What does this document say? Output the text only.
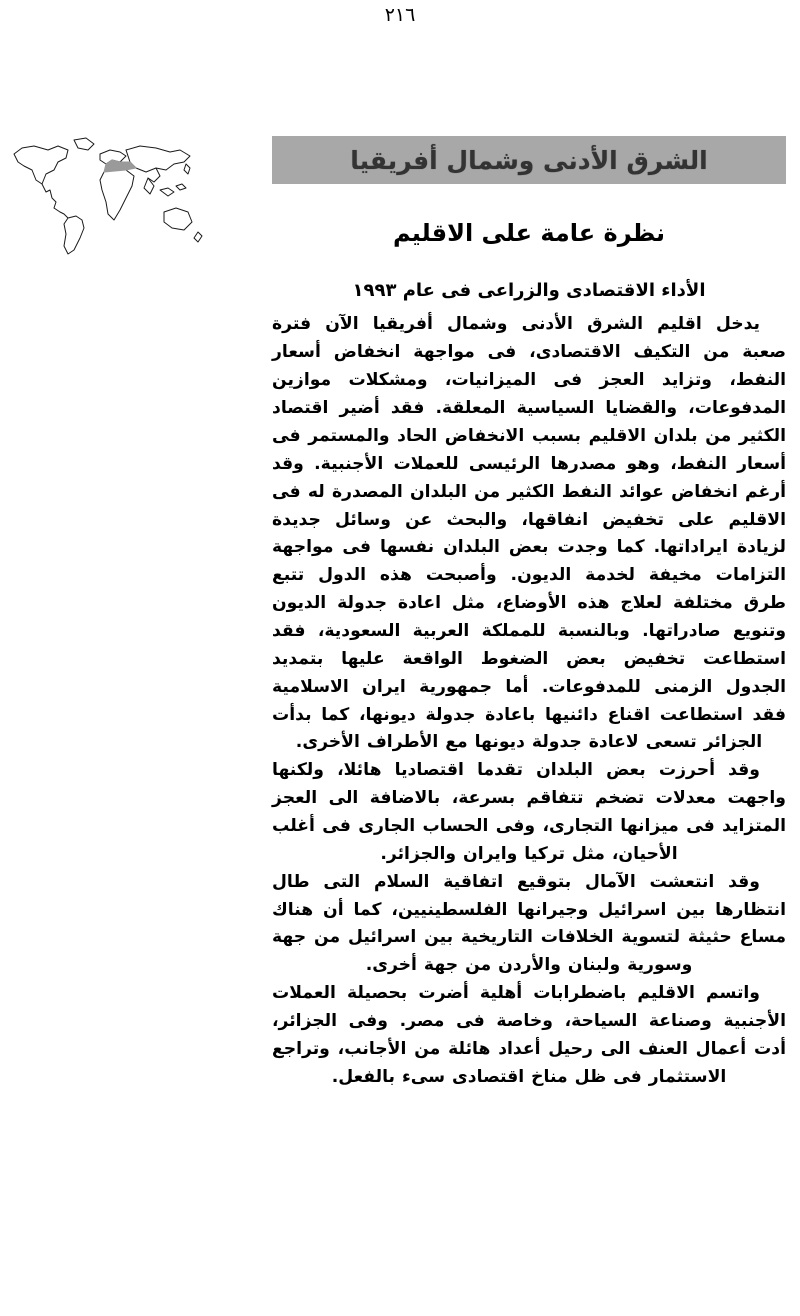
٢١٦
الشرق الأدنى وشمال أفريقيا
نظرة عامة على الاقليم
الأداء الاقتصادى والزراعى فى عام ١٩٩٣

يدخل اقليم الشرق الأدنى وشمال أفريقيا الآن فترة صعبة من التكيف الاقتصادى، فى مواجهة انخفاض أسعار النفط، وتزايد العجز فى الميزانيات، ومشكلات موازين المدفوعات، والقضايا السياسية المعلقة. فقد أضير اقتصاد الكثير من بلدان الاقليم بسبب الانخفاض الحاد والمستمر فى أسعار النفط، وهو مصدرها الرئيسى للعملات الأجنبية. وقد أرغم انخفاض عوائد النفط الكثير من البلدان المصدرة له فى الاقليم على تخفيض انفاقها، والبحث عن وسائل جديدة لزيادة ايراداتها. كما وجدت بعض البلدان نفسها فى مواجهة التزامات مخيفة لخدمة الديون. وأصبحت هذه الدول تتبع طرق مختلفة لعلاج هذه الأوضاع، مثل اعادة جدولة الديون وتنويع صادراتها. وبالنسبة للمملكة العربية السعودية، فقد استطاعت تخفيض بعض الضغوط الواقعة عليها بتمديد الجدول الزمنى للمدفوعات. أما جمهورية ايران الاسلامية فقد استطاعت اقناع دائنيها باعادة جدولة ديونها، كما بدأت الجزائر تسعى لاعادة جدولة ديونها مع الأطراف الأخرى.

وقد أحرزت بعض البلدان تقدما اقتصاديا هائلا، ولكنها واجهت معدلات تضخم تتفاقم بسرعة، بالاضافة الى العجز المتزايد فى ميزانها التجارى، وفى الحساب الجارى فى أغلب الأحيان، مثل تركيا وايران والجزائر.

وقد انتعشت الآمال بتوقيع اتفاقية السلام التى طال انتظارها بين اسرائيل وجيرانها الفلسطينيين، كما أن هناك مساع حثيثة لتسوية الخلافات التاريخية بين اسرائيل من جهة وسورية ولبنان والأردن من جهة أخرى.

واتسم الاقليم باضطرابات أهلية أضرت بحصيلة العملات الأجنبية وصناعة السياحة، وخاصة فى مصر. وفى الجزائر، أدت أعمال العنف الى رحيل أعداد هائلة من الأجانب، وتراجع الاستثمار فى ظل مناخ اقتصادى سىء بالفعل.
